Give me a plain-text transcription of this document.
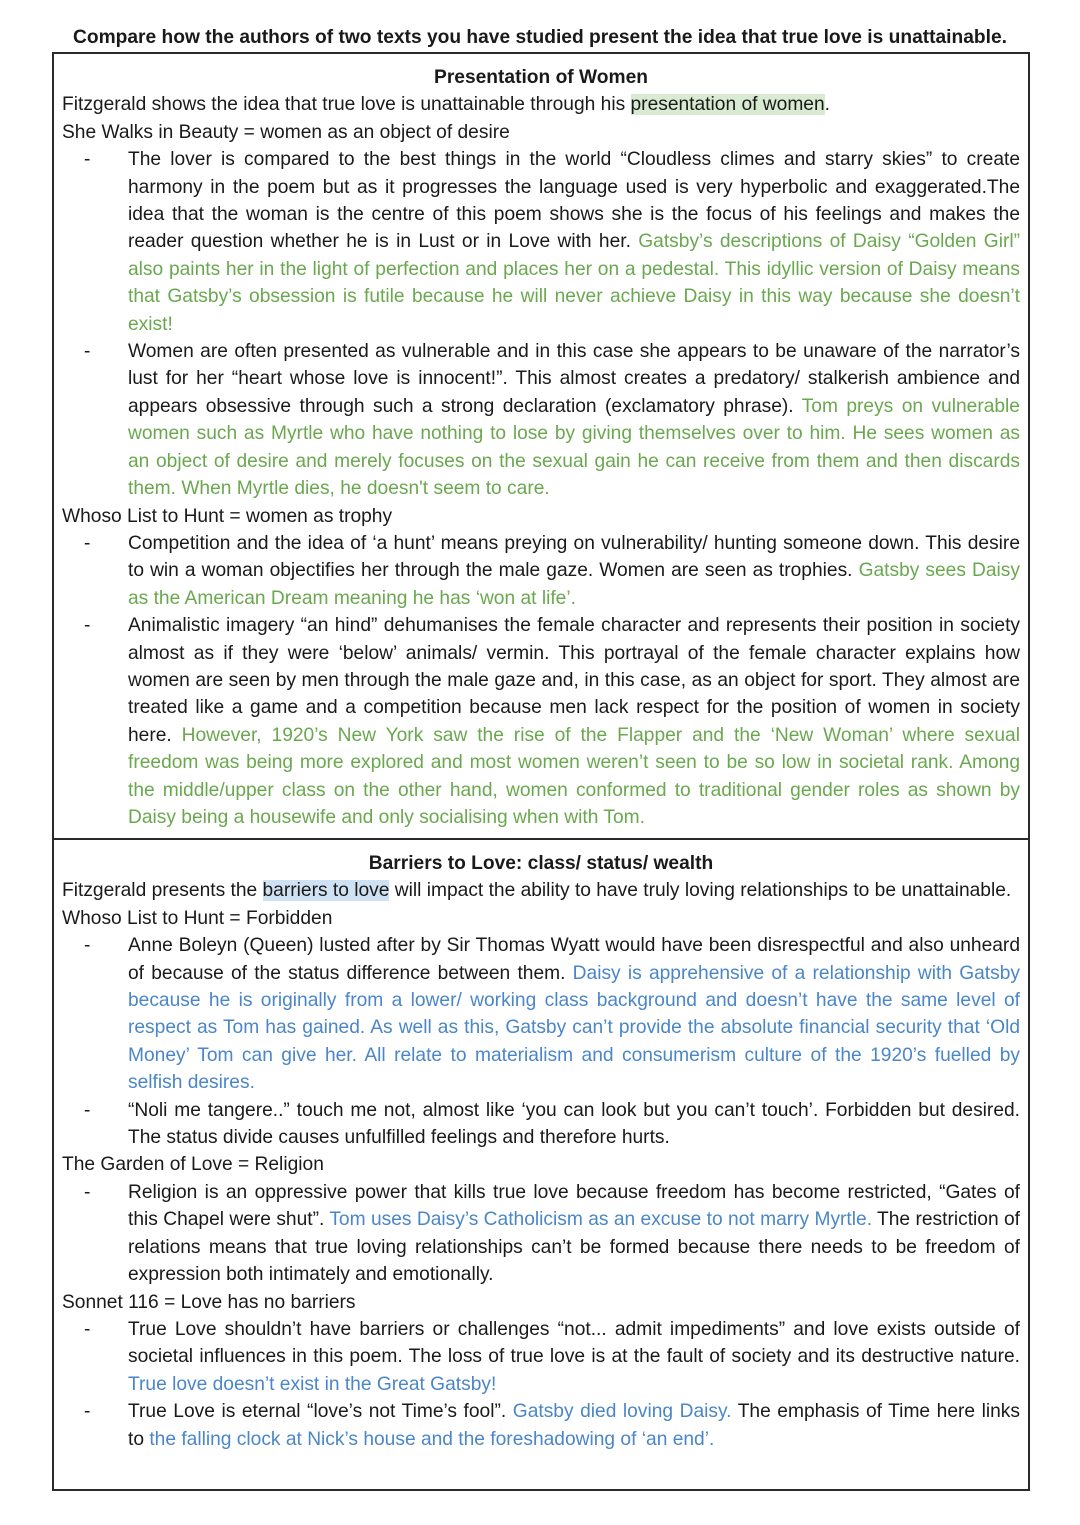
Compare how the authors of two texts you have studied present the idea that true love is unattainable.
Presentation of Women
Fitzgerald shows the idea that true love is unattainable through his presentation of women.
She Walks in Beauty = women as an object of desire
-	The lover is compared to the best things in the world “Cloudless climes and starry skies” to create harmony in the poem but as it progresses the language used is very hyperbolic and exaggerated.The idea that the woman is the centre of this poem shows she is the focus of his feelings and makes the reader question whether he is in Lust or in Love with her. Gatsby’s descriptions of Daisy “Golden Girl” also paints her in the light of perfection and places her on a pedestal. This idyllic version of Daisy means that Gatsby’s obsession is futile because he will never achieve Daisy in this way because she doesn’t exist!
-	Women are often presented as vulnerable and in this case she appears to be unaware of the narrator’s lust for her “heart whose love is innocent!”. This almost creates a predatory/ stalkerish ambience and appears obsessive through such a strong declaration (exclamatory phrase). Tom preys on vulnerable women such as Myrtle who have nothing to lose by giving themselves over to him. He sees women as an object of desire and merely focuses on the sexual gain he can receive from them and then discards them. When Myrtle dies, he doesn't seem to care.
Whoso List to Hunt = women as trophy
-	Competition and the idea of ‘a hunt’ means preying on vulnerability/ hunting someone down. This desire to win a woman objectifies her through the male gaze. Women are seen as trophies. Gatsby sees Daisy as the American Dream meaning he has ‘won at life’.
-	Animalistic imagery “an hind” dehumanises the female character and represents their position in society almost as if they were ‘below’ animals/ vermin. This portrayal of the female character explains how women are seen by men through the male gaze and, in this case, as an object for sport. They almost are treated like a game and a competition because men lack respect for the position of women in society here. However, 1920’s New York saw the rise of the Flapper and the ‘New Woman’ where sexual freedom was being more explored and most women weren’t seen to be so low in societal rank. Among the middle/upper class on the other hand, women conformed to traditional gender roles as shown by Daisy being a housewife and only socialising when with Tom.
Barriers to Love: class/ status/ wealth
Fitzgerald presents the barriers to love will impact the ability to have truly loving relationships to be unattainable.
Whoso List to Hunt = Forbidden
-	Anne Boleyn (Queen) lusted after by Sir Thomas Wyatt would have been disrespectful and also unheard of because of the status difference between them. Daisy is apprehensive of a relationship with Gatsby because he is originally from a lower/ working class background and doesn’t have the same level of respect as Tom has gained. As well as this, Gatsby can’t provide the absolute financial security that ‘Old Money’ Tom can give her. All relate to materialism and consumerism culture of the 1920’s fuelled by selfish desires.
-	“Noli me tangere..” touch me not, almost like ‘you can look but you can’t touch’. Forbidden but desired. The status divide causes unfulfilled feelings and therefore hurts.
The Garden of Love = Religion
-	Religion is an oppressive power that kills true love because freedom has become restricted, “Gates of this Chapel were shut”. Tom uses Daisy’s Catholicism as an excuse to not marry Myrtle. The restriction of relations means that true loving relationships can’t be formed because there needs to be freedom of expression both intimately and emotionally.
Sonnet 116 = Love has no barriers
-	True Love shouldn’t have barriers or challenges “not... admit impediments” and love exists outside of societal influences in this poem. The loss of true love is at the fault of society and its destructive nature. True love doesn’t exist in the Great Gatsby!
-	True Love is eternal “love’s not Time’s fool”. Gatsby died loving Daisy. The emphasis of Time here links to the falling clock at Nick’s house and the foreshadowing of ‘an end’.
